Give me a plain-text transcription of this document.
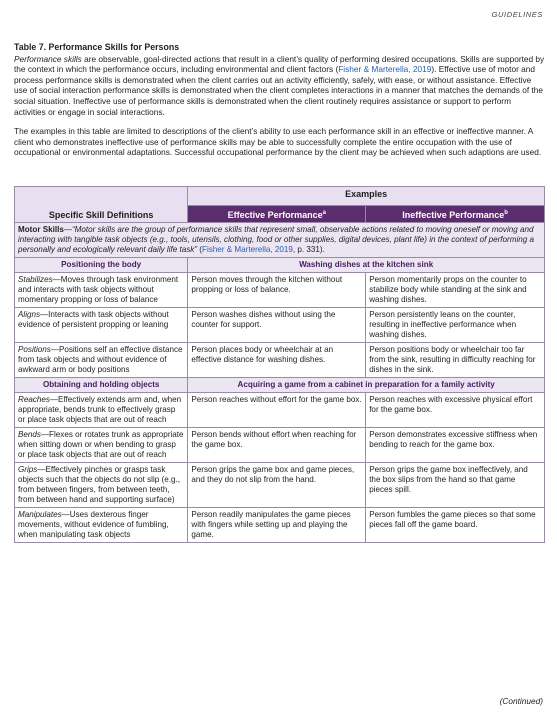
GUIDELINES
Table 7. Performance Skills for Persons

Performance skills are observable, goal-directed actions that result in a client’s quality of performing desired occupations. Skills are supported by the context in which the performance occurs, including environmental and client factors (Fisher & Marterella, 2019). Effective use of motor and process performance skills is demonstrated when the client carries out an activity efficiently, safely, with ease, or without assistance. Effective use of social interaction performance skills is demonstrated when the client completes interactions in a manner that matches the demands of the social situation. Ineffective use of performance skills is demonstrated when the client routinely requires assistance or support to perform activities or engage in social interactions.

The examples in this table are limited to descriptions of the client’s ability to use each performance skill in an effective or ineffective manner. A client who demonstrates ineffective use of performance skills may be able to successfully complete the entire occupation with the use of occupational or environmental adaptations. Successful occupational performance by the client may be achieved when such adaptions are used.

Specific Skill Definitions	Examples	
	Effective Performance$^a$	Ineffective Performance$^b$
Motor Skills—“Motor skills are the group of performance skills that represent small, observable actions related to moving oneself or moving and interacting with tangible task objects (e.g., tools, utensils, clothing, food or other supplies, digital devices, plant life) in the context of performing a personally and ecologically relevant daily life task” (Fisher & Marterella, 2019, p. 331).		
Positioning the body	Washing dishes at the kitchen sink	
Stabilizes—Moves through task environment and interacts with task objects without momentary propping or loss of balance	Person moves through the kitchen without propping or loss of balance.	Person momentarily props on the counter to stabilize body while standing at the sink and washing dishes.
Aligns—Interacts with task objects without evidence of persistent propping or leaning	Person washes dishes without using the counter for support.	Person persistently leans on the counter, resulting in ineffective performance when washing dishes.
Positions—Positions self an effective distance from task objects and without evidence of awkward arm or body positions	Person places body or wheelchair at an effective distance for washing dishes.	Person positions body or wheelchair too far from the sink, resulting in difficulty reaching for dishes in the sink.
Obtaining and holding objects	Acquiring a game from a cabinet in preparation for a family activity	
Reaches—Effectively extends arm and, when appropriate, bends trunk to effectively grasp or place task objects that are out of reach	Person reaches without effort for the game box.	Person reaches with excessive physical effort for the game box.
Bends—Flexes or rotates trunk as appropriate when sitting down or when bending to grasp or place task objects that are out of reach	Person bends without effort when reaching for the game box.	Person demonstrates excessive stiffness when bending to reach for the game box.
Grips—Effectively pinches or grasps task objects such that the objects do not slip (e.g., from between fingers, from between teeth, from between hand and supporting surface)	Person grips the game box and game pieces, and they do not slip from the hand.	Person grips the game box ineffectively, and the box slips from the hand so that game pieces spill.
Manipulates—Uses dexterous finger movements, without evidence of fumbling, when manipulating task objects	Person readily manipulates the game pieces with fingers while setting up and playing the game.	Person fumbles the game pieces so that some pieces fall off the game board.
(Continued)
